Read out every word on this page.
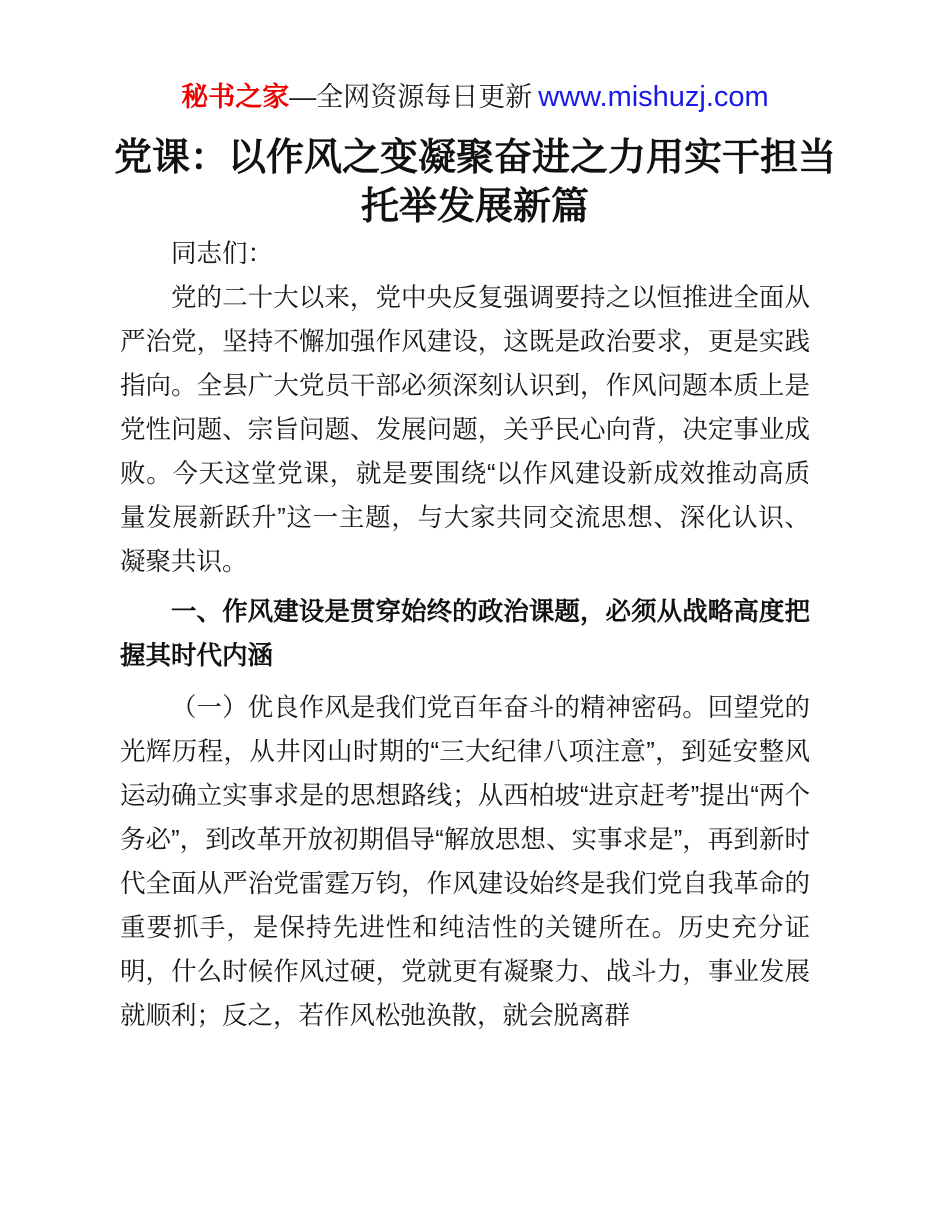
秘书之家—全网资源每日更新 www.mishuzj.com
党课：以作风之变凝聚奋进之力用实干担当托举发展新篇

同志们：

党的二十大以来，党中央反复强调要持之以恒推进全面从严治党，坚持不懈加强作风建设，这既是政治要求，更是实践指向。全县广大党员干部必须深刻认识到，作风问题本质上是党性问题、宗旨问题、发展问题，关乎民心向背，决定事业成败。今天这堂党课，就是要围绕“以作风建设新成效推动高质量发展新跃升”这一主题，与大家共同交流思想、深化认识、凝聚共识。

一、作风建设是贯穿始终的政治课题，必须从战略高度把握其时代内涵

（一）优良作风是我们党百年奋斗的精神密码。回望党的光辉历程，从井冈山时期的“三大纪律八项注意”，到延安整风运动确立实事求是的思想路线；从西柏坡“进京赶考”提出“两个务必”，到改革开放初期倡导“解放思想、实事求是”，再到新时代全面从严治党雷霆万钧，作风建设始终是我们党自我革命的重要抓手，是保持先进性和纯洁性的关键所在。历史充分证明，什么时候作风过硬，党就更有凝聚力、战斗力，事业发展就顺利；反之，若作风松弛涣散，就会脱离群
